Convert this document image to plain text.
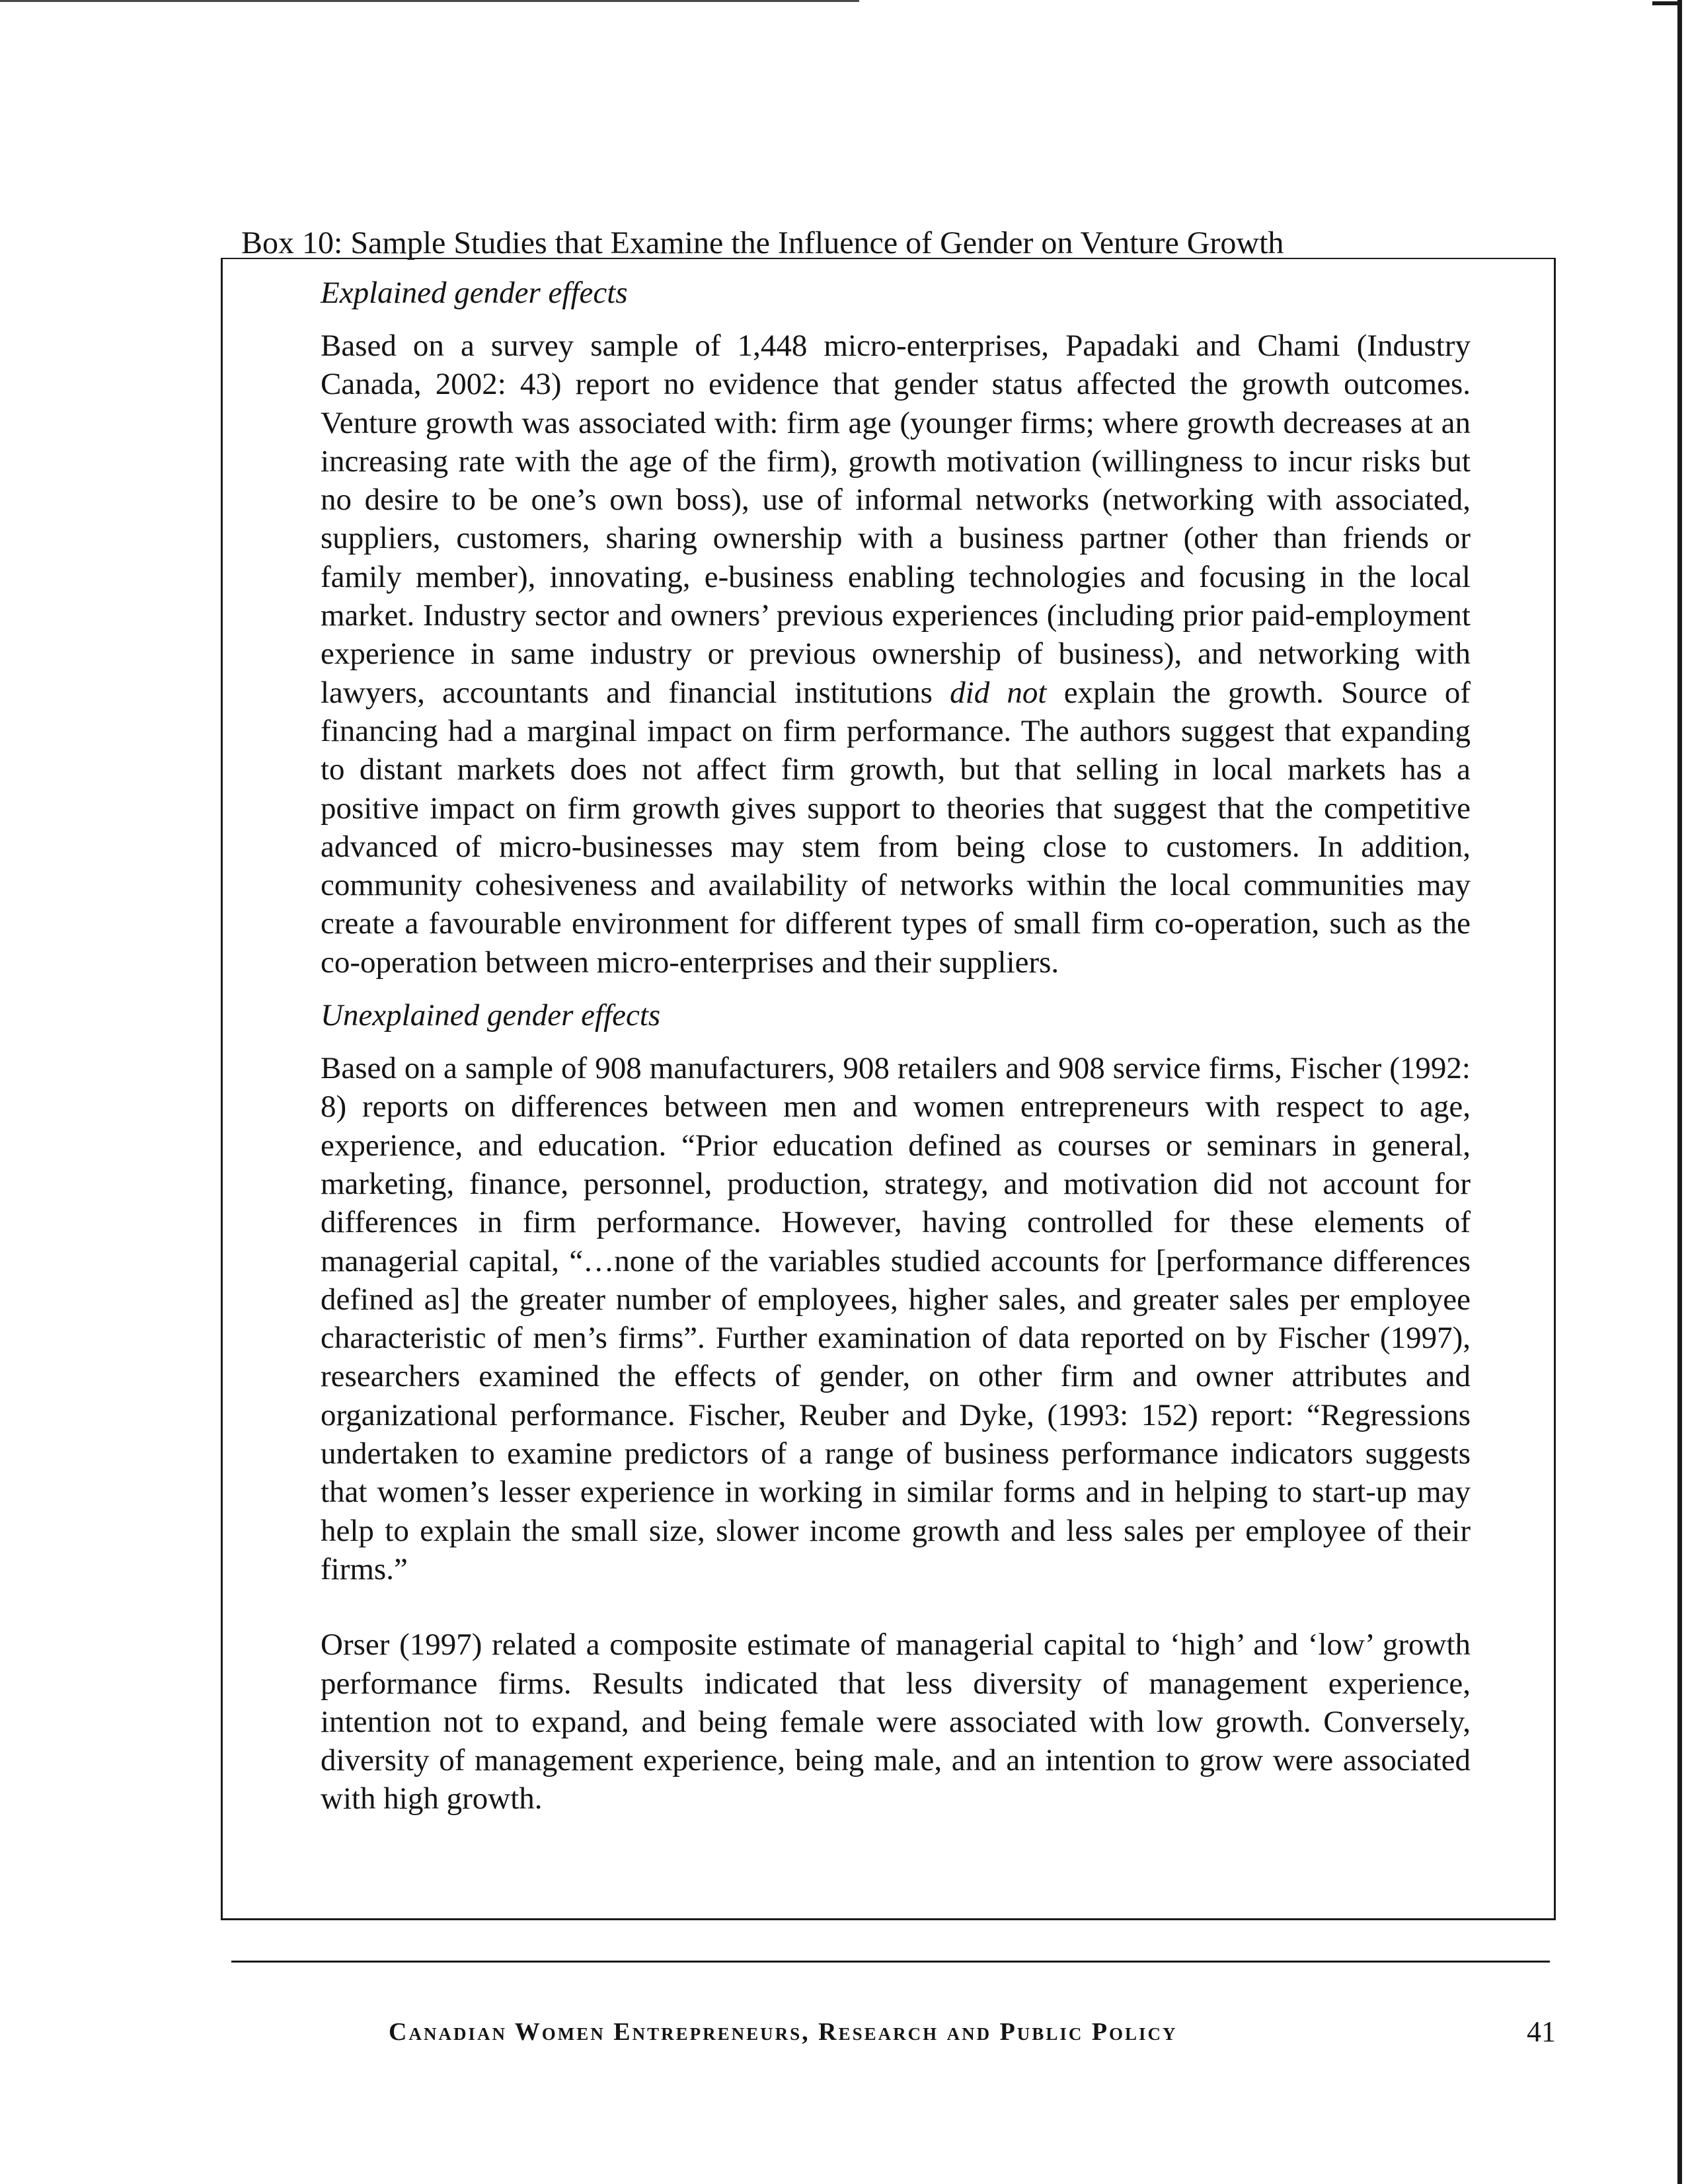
Box 10: Sample Studies that Examine the Influence of Gender on Venture Growth
Explained gender effects

Based on a survey sample of 1,448 micro-enterprises, Papadaki and Chami (Industry Canada, 2002: 43) report no evidence that gender status affected the growth outcomes. Venture growth was associated with: firm age (younger firms; where growth decreases at an increasing rate with the age of the firm), growth motivation (willingness to incur risks but no desire to be one’s own boss), use of informal networks (networking with associated, suppliers, customers, sharing ownership with a business partner (other than friends or family member), innovating, e-business enabling technologies and focusing in the local market. Industry sector and owners’ previous experiences (including prior paid-employment experience in same industry or previous ownership of business), and networking with lawyers, accountants and financial institutions did not explain the growth. Source of financing had a marginal impact on firm performance. The authors suggest that expanding to distant markets does not affect firm growth, but that selling in local markets has a positive impact on firm growth gives support to theories that suggest that the competitive advanced of micro-businesses may stem from being close to customers. In addition, community cohesiveness and availability of networks within the local communities may create a favourable environment for different types of small firm co-operation, such as the co-operation between micro-enterprises and their suppliers.

Unexplained gender effects

Based on a sample of 908 manufacturers, 908 retailers and 908 service firms, Fischer (1992: 8) reports on differences between men and women entrepreneurs with respect to age, experience, and education. “Prior education defined as courses or seminars in general, marketing, finance, personnel, production, strategy, and motivation did not account for differences in firm performance. However, having controlled for these elements of managerial capital, “…none of the variables studied accounts for [performance differences defined as] the greater number of employees, higher sales, and greater sales per employee characteristic of men’s firms”. Further examination of data reported on by Fischer (1997), researchers examined the effects of gender, on other firm and owner attributes and organizational performance. Fischer, Reuber and Dyke, (1993: 152) report: “Regressions undertaken to examine predictors of a range of business performance indicators suggests that women’s lesser experience in working in similar forms and in helping to start-up may help to explain the small size, slower income growth and less sales per employee of their firms.”

Orser (1997) related a composite estimate of managerial capital to ‘high’ and ‘low’ growth performance firms. Results indicated that less diversity of management experience, intention not to expand, and being female were associated with low growth. Conversely, diversity of management experience, being male, and an intention to grow were associated with high growth.

Canadian Women Entrepreneurs, Research and Public Policy	41
